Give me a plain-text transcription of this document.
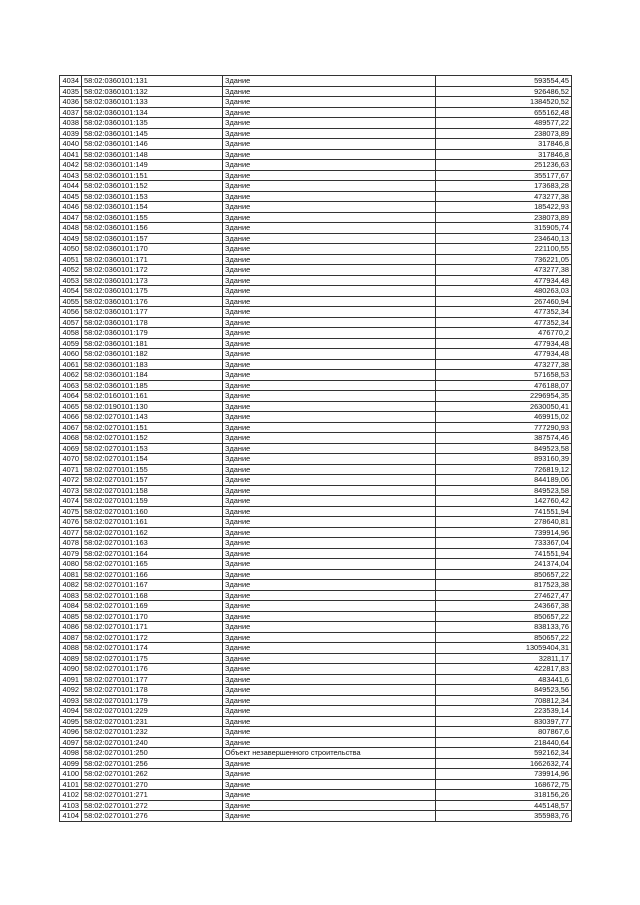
4034	58:02:0360101:131	Здание	593554,45
4035	58:02:0360101:132	Здание	926486,52
4036	58:02:0360101:133	Здание	1384520,52
4037	58:02:0360101:134	Здание	655162,48
4038	58:02:0360101:135	Здание	489577,22
4039	58:02:0360101:145	Здание	238073,89
4040	58:02:0360101:146	Здание	317846,8
4041	58:02:0360101:148	Здание	317846,8
4042	58:02:0360101:149	Здание	251236,63
4043	58:02:0360101:151	Здание	355177,67
4044	58:02:0360101:152	Здание	173683,28
4045	58:02:0360101:153	Здание	473277,38
4046	58:02:0360101:154	Здание	185422,93
4047	58:02:0360101:155	Здание	238073,89
4048	58:02:0360101:156	Здание	315905,74
4049	58:02:0360101:157	Здание	234640,13
4050	58:02:0360101:170	Здание	221100,55
4051	58:02:0360101:171	Здание	736221,05
4052	58:02:0360101:172	Здание	473277,38
4053	58:02:0360101:173	Здание	477934,48
4054	58:02:0360101:175	Здание	480263,03
4055	58:02:0360101:176	Здание	267460,94
4056	58:02:0360101:177	Здание	477352,34
4057	58:02:0360101:178	Здание	477352,34
4058	58:02:0360101:179	Здание	476770,2
4059	58:02:0360101:181	Здание	477934,48
4060	58:02:0360101:182	Здание	477934,48
4061	58:02:0360101:183	Здание	473277,38
4062	58:02:0360101:184	Здание	571658,53
4063	58:02:0360101:185	Здание	476188,07
4064	58:02:0160101:161	Здание	2296954,35
4065	58:02:0190101:130	Здание	2630050,41
4066	58:02:0270101:143	Здание	469915,02
4067	58:02:0270101:151	Здание	777290,93
4068	58:02:0270101:152	Здание	387574,46
4069	58:02:0270101:153	Здание	849523,58
4070	58:02:0270101:154	Здание	893160,39
4071	58:02:0270101:155	Здание	726819,12
4072	58:02:0270101:157	Здание	844189,06
4073	58:02:0270101:158	Здание	849523,58
4074	58:02:0270101:159	Здание	142760,42
4075	58:02:0270101:160	Здание	741551,94
4076	58:02:0270101:161	Здание	278640,81
4077	58:02:0270101:162	Здание	739914,96
4078	58:02:0270101:163	Здание	733367,04
4079	58:02:0270101:164	Здание	741551,94
4080	58:02:0270101:165	Здание	241374,04
4081	58:02:0270101:166	Здание	850657,22
4082	58:02:0270101:167	Здание	817523,38
4083	58:02:0270101:168	Здание	274627,47
4084	58:02:0270101:169	Здание	243667,38
4085	58:02:0270101:170	Здание	850657,22
4086	58:02:0270101:171	Здание	838133,76
4087	58:02:0270101:172	Здание	850657,22
4088	58:02:0270101:174	Здание	13059404,31
4089	58:02:0270101:175	Здание	32811,17
4090	58:02:0270101:176	Здание	422817,83
4091	58:02:0270101:177	Здание	483441,6
4092	58:02:0270101:178	Здание	849523,56
4093	58:02:0270101:179	Здание	708812,34
4094	58:02:0270101:229	Здание	223539,14
4095	58:02:0270101:231	Здание	830397,77
4096	58:02:0270101:232	Здание	807867,6
4097	58:02:0270101:240	Здание	218440,64
4098	58:02:0270101:250	Объект незавершенного строительства	592162,34
4099	58:02:0270101:256	Здание	1662632,74
4100	58:02:0270101:262	Здание	739914,96
4101	58:02:0270101:270	Здание	168672,75
4102	58:02:0270101:271	Здание	318156,26
4103	58:02:0270101:272	Здание	445148,57
4104	58:02:0270101:276	Здание	355983,76
